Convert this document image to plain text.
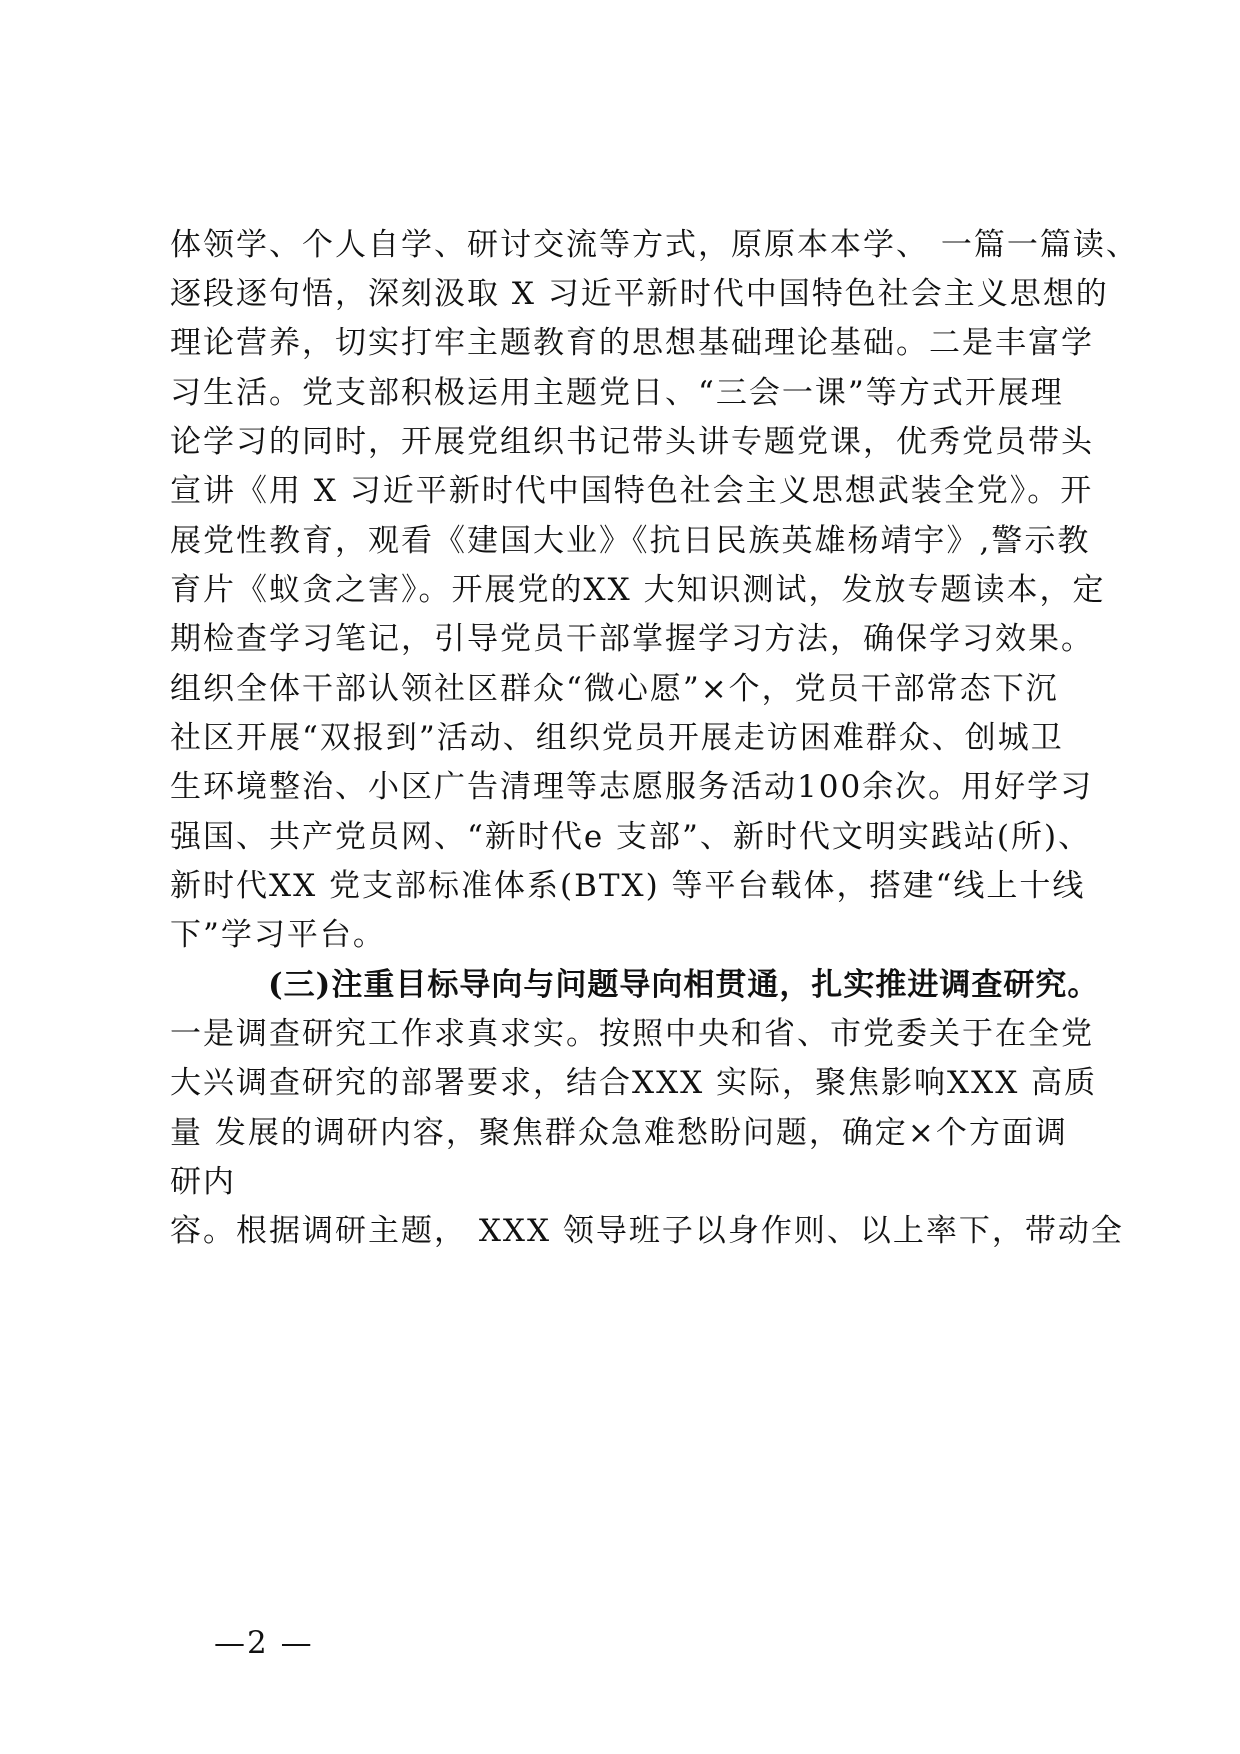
体领学、个人自学、研讨交流等方式，原原本本学、 一篇一篇读、
逐段逐句悟，深刻汲取 X 习近平新时代中国特色社会主义思想的
理论营养，切实打牢主题教育的思想基础理论基础。二是丰富学
习生活。党支部积极运用主题党日、“三会一课”等方式开展理
论学习的同时，开展党组织书记带头讲专题党课，优秀党员带头
宣讲《用 X 习近平新时代中国特色社会主义思想武装全党》。开
展党性教育，观看《建国大业》《抗日民族英雄杨靖宇》,警示教
育片《蚁贪之害》。开展党的XX 大知识测试，发放专题读本，定
期检查学习笔记，引导党员干部掌握学习方法，确保学习效果。
组织全体干部认领社区群众“微心愿”×个，党员干部常态下沉
社区开展“双报到”活动、组织党员开展走访困难群众、创城卫
生环境整治、小区广告清理等志愿服务活动100余次。用好学习
强国、共产党员网、“新时代e 支部”、新时代文明实践站(所)、
新时代XX 党支部标准体系(BTX) 等平台载体，搭建“线上十线
下”学习平台。
(三)注重目标导向与问题导向相贯通，扎实推进调查研究。
一是调查研究工作求真求实。按照中央和省、市党委关于在全党
大兴调查研究的部署要求，结合XXX 实际，聚焦影响XXX 高质
量 发展的调研内容，聚焦群众急难愁盼问题，确定×个方面调
研内
容。根据调研主题， XXX 领导班子以身作则、以上率下，带动全
—2 —
